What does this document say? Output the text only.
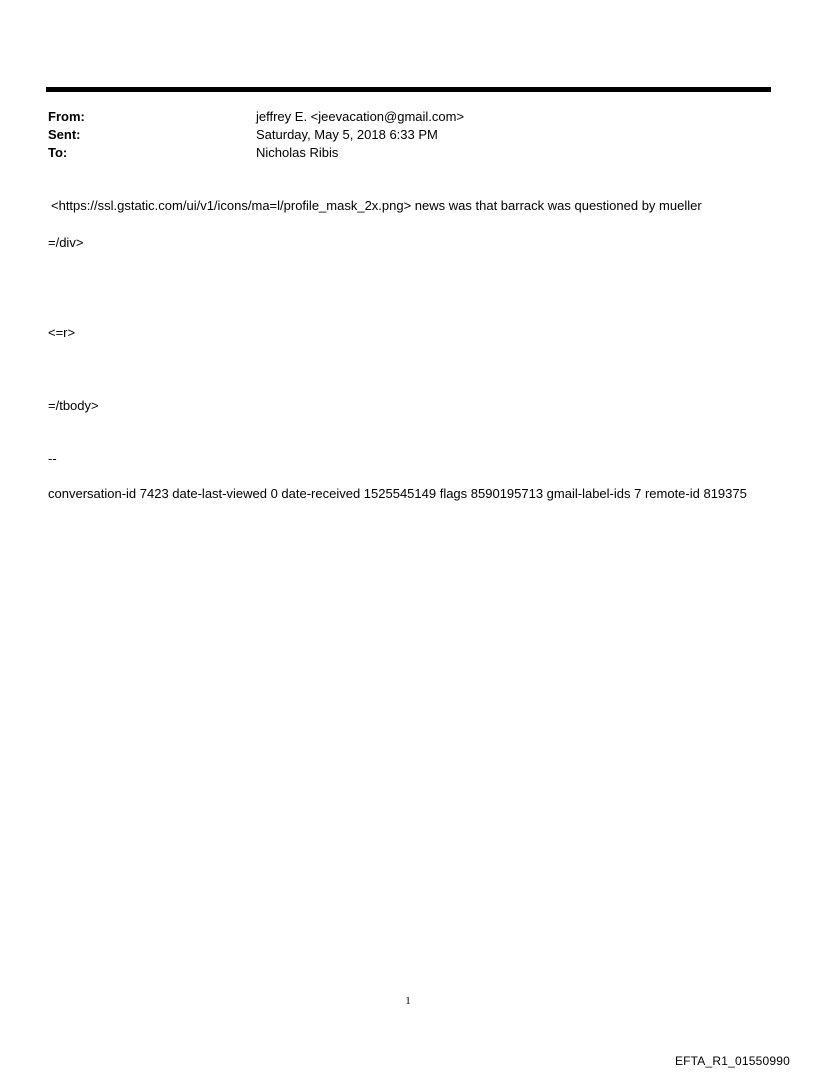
From:	jeffrey E. <jeevacation@gmail.com>
Sent:	Saturday, May 5, 2018 6:33 PM
To:	Nicholas Ribis
<https://ssl.gstatic.com/ui/v1/icons/ma=l/profile_mask_2x.png> news was that barrack was questioned by mueller
=/div>
<=r>
=/tbody>
--
conversation-id 7423 date-last-viewed 0 date-received 1525545149 flags 8590195713 gmail-label-ids 7 remote-id 819375
1
EFTA_R1_01550990
